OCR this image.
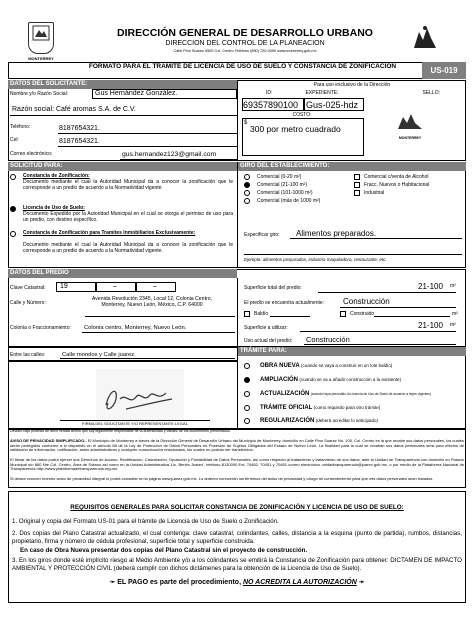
MONTERREY
DIRECCIÓN GENERAL DE DESARROLLO URBANO
DIRECCION DEL CONTROL DE LA PLANEACION
Calle Pino Suarez #500 Col. Centro Teléfono (890) 720-0090 www.monterrey.gob.mx
FORMATO PARA EL TRAMITE DE LICENCIA DE USO DE SUELO Y CONSTANCIA DE ZONIFICACIÓN	US-019
DATOS DEL SOLICITANTE:
Nombre y/o Razón Social:	Gus Hernández González.
Razón social: Café aromas S.A. de C.V.
Teléfono:	8187654321.
Cel:	8187654321.
Correo electrónico:	gus.hernandez123@gmail.com
Para uso exclusivo de la Dirección
ID:	EXPEDIENTE:	SELLO:
69357890100 Gus-025-hdz
MONTERREY
COSTO:
$
300 por metro cuadrado
SOLICITUD PARA:
Constancia de Zonificación:
Documento mediante el cual la Autoridad Municipal da a conocer la zonificación que le corresponde a un predio de acuerdo a la Normatividad vigente.
Licencia de Uso de Suelo:
Documento Expedido por la Autoridad Municipal en el cual se otorga el permiso de uso para un predio, con destino específico.
Constancia de Zonificación para Tramites Inmobiliarios Exclusivamente:
Documento mediante el cual la Autoridad Municipal da a conocer la zonificación que le corresponde a un predio de acuerdo a la Normatividad vigente.
GIRO DEL ESTABLECIMIENTO:
Comercial (0-20 m²)
Comercial (21-100 m²)
Comercial (101-1000 m²)
Comercial (más de 1000 m²)
Comercial c/venta de Alcohol
Fracc. Nuevos o Habitacional
Industrial
Especificar giro: Alimentos preparados.
Ejemplo: alimentos preparados, industria maquiladora, restaurante, etc.
DATOS DEL PREDIO
Clave Catastral: 19	–	–
Calle y Número:
Avenida Revolución 2345, Local 12, Colonia Centro, Monterrey, Nuevo León, México, C.P. 64000
Colonia o Fraccionamiento: Colonia centro, Monterrey, Nuevo León.
Superficie total del predio:	21-100 m²
El predio se encuentra actualmente: Construcción
Baldío	Construido	m²
Superficie a utilizar:	21-100 m²
Uso actual del predio: Construcción
Entre las calles:	Calle morelos y Calle juarez.
TRÁMITE PARA:
OBRA NUEVA (cuando se vaya a construir en un lote baldío)
AMPLIACIÓN (cuando se va a añadir construcción a la existente)
ACTUALIZACIÓN (cuando haya precedido la Licencia de Uso de Suelo de acuerdo a leyes vigentes)
TRÁMITE OFICIAL (como requisito para otro trámite)
REGULARIZACIÓN (deberá acreditar lo anticipado)
FIRMA DEL SOLICITANTE Y/O REPRESENTANTE LEGAL
Declaro bajo protesta de decir verdad afirmo que soy legalmente responsable de la autenticidad y validez de los documentos presentados.
AVISO DE PRIVACIDAD SIMPLIFICADO.- El Municipio de Monterrey a través de la Dirección General de Desarrollo Urbano del Municipio de Monterrey, domicilio en Calle Pino Suárez No. 100, Col. Centro es la que recabe sus datos personales, los cuales serán protegidos conforme a lo dispuesto en el artículo 68 de la Ley de Protección de Datos Personales en Posesión de Sujetos Obligados del Estado de Nuevo León. La finalidad para la cual se recaban sus datos personales será para efectos de validación de información, notificación, actos administrativos y cualquier comunicación relacionada, los cuales no podrán ser transferidos.
El titular de los datos podrá ejercer sus Derechos de Acceso, Rectificación, Cancelación, Oposición y Portabilidad de Datos Personales, así como respecto al tratamiento y tratamiento de sus datos, ante la Unidad de Transparencia con domicilio en Palacio Municipal s/n 880 Nte Col. Centro, Área de Sótano así como en la Unidad Administrativa 'Lic. Benito Juárez', teléfono 8130000 Ext. 70482, 70451 y 70451 correo electrónico unidadtransparencia@juarez.gob.mx, o por medio de la Plataforma Nacional de Transparencia http://www.plataformadetransparencia.org.mx.
Si desea conocer nuestro aviso de privacidad integral lo podrá consultar en la página www.juarez.gob.mx. Lo anterior conocerán los términos del aviso de privacidad y otorgo mi consentimiento para que mis datos personales sean tratados.
REQUISITOS GENERALES PARA SOLICITAR CONSTANCIA DE ZONIFICACIÓN Y LICENCIA DE USO DE SUELO:
1. Original y copia del Formato US-01 para el trámite de Licencia de Uso de Suelo o Zonificación.
2. Dos copias del Plano Catastral actualizado, el cual contenga: clave catastral, colindantes, calles, distancia a la esquina (punto de partida), rumbos, distancias, propietario, firma y número de cédula profesional, superficie total y superficie construida.
En caso de Obra Nueva presentar dos copias del Plano Catastral sin el proyecto de construcción.
3. En los giros donde esté implícito riesgo al Medio Ambiente y/o a los colindantes se emitirá la Constancia de Zonificación para obtener: DICTAMEN DE IMPACTO AMBIENTAL Y PROTECCIÓN CIVIL (deberá cumplir con dichos dictámenes para la obtención de la Licencia de Uso de Suelo).
➛ EL PAGO es parte del procedimiento, NO ACREDITA LA AUTORIZACIÓN ➛
